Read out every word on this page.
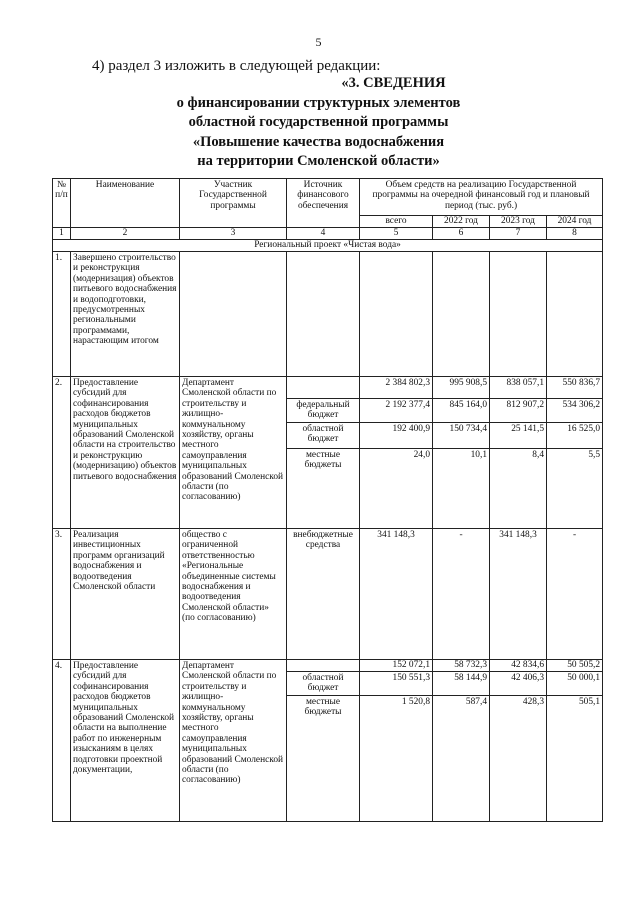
5
4) раздел 3 изложить в следующей редакции:
«3. СВЕДЕНИЯ
о финансировании структурных элементов
областной государственной программы
«Повышение качества водоснабжения
на территории Смоленской области»
№ п/п	Наименование	Участник Государственной программы	Источник финансового обеспечения	Объем средств на реализацию Государственной программы на очередной финансовый год и плановый период (тыс. руб.)			
				всего	2022 год	2023 год	2024 год
1	2	3	4	5	6	7	8
Региональный проект «Чистая вода»							
1.	Завершено строительство и реконструкция (модернизация) объектов питьевого водоснабжения и водоподготовки, предусмотренных региональными программами, нарастающим итогом						
2.	Предоставление субсидий для софинансирования расходов бюджетов муниципальных образований Смоленской области на строительство и реконструкцию (модернизацию) объектов питьевого водоснабжения	Департамент Смоленской области по строительству и жилищно-коммунальному хозяйству, органы местного самоуправления муниципальных образований Смоленской области (по согласованию)		2 384 802,3	995 908,5	838 057,1	550 836,7
			федеральный бюджет	2 192 377,4	845 164,0	812 907,2	534 306,2
			областной бюджет	192 400,9	150 734,4	25 141,5	16 525,0
			местные бюджеты	24,0	10,1	8,4	5,5
3.	Реализация инвестиционных программ организаций водоснабжения и водоотведения Смоленской области	общество с ограниченной ответственностью «Региональные объединенные системы водоснабжения и водоотведения Смоленской области» (по согласованию)	внебюджетные средства	341 148,3	-	341 148,3	-
4.	Предоставление субсидий для софинансирования расходов бюджетов муниципальных образований Смоленской области на выполнение работ по инженерным изысканиям в целях подготовки проектной документации,	Департамент Смоленской области по строительству и жилищно-коммунальному хозяйству, органы местного самоуправления муниципальных образований Смоленской области (по согласованию)		152 072,1	58 732,3	42 834,6	50 505,2
			областной бюджет	150 551,3	58 144,9	42 406,3	50 000,1
			местные бюджеты	1 520,8	587,4	428,3	505,1
